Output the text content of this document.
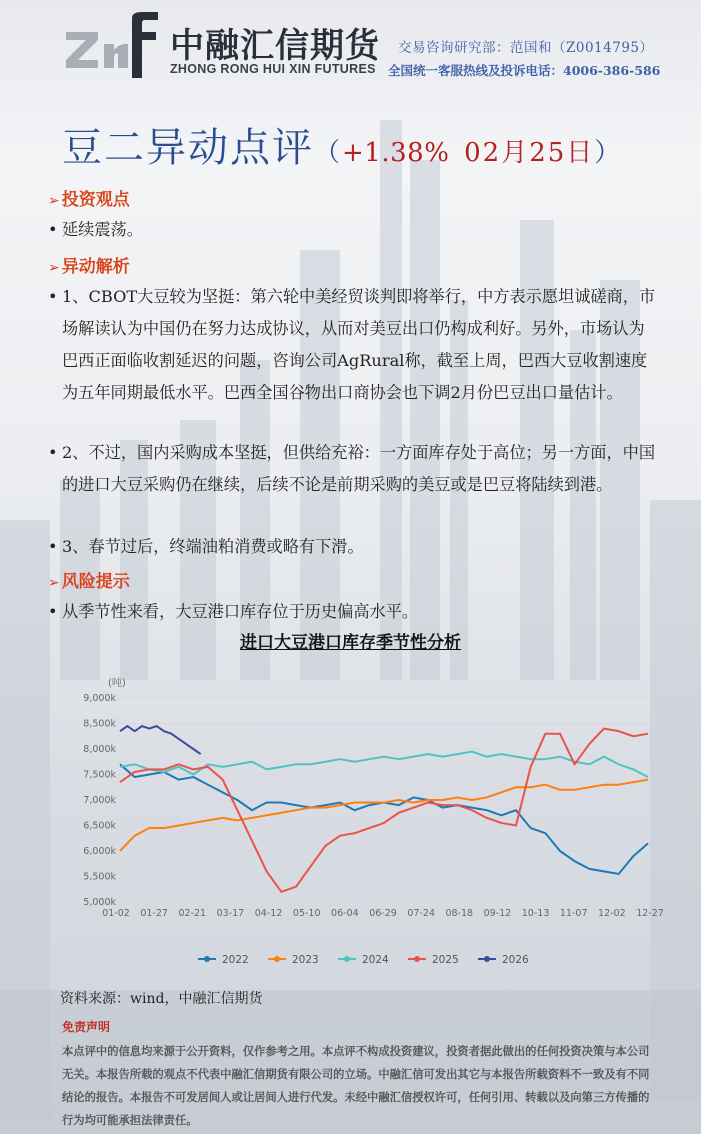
中融汇信期货
ZHONG RONG HUI XIN FUTURES
交易咨询研究部：范国和（Z0014795）
全国统一客服热线及投诉电话：4006-386-586
豆二异动点评（+1.38% 02月25日）
➢ 投资观点
• 延续震荡。
➢ 异动解析
• 1、CBOT大豆较为坚挺：第六轮中美经贸谈判即将举行，中方表示愿坦诚磋商，市场解读认为中国仍在努力达成协议，从而对美豆出口仍构成利好。另外，市场认为巴西正面临收割延迟的问题，咨询公司AgRural称，截至上周，巴西大豆收割速度为五年同期最低水平。巴西全国谷物出口商协会也下调2月份巴豆出口量估计。
• 2、不过，国内采购成本坚挺，但供给充裕：一方面库存处于高位；另一方面，中国的进口大豆采购仍在继续，后续不论是前期采购的美豆或是巴豆将陆续到港。
• 3、春节过后，终端油粕消费或略有下滑。
➢ 风险提示
• 从季节性来看，大豆港口库存位于历史偏高水平。
进口大豆港口库存季节性分析
(吨)
5,000k
5,500k
6,000k
6,500k
7,000k
7,500k
8,000k
8,500k
9,000k
01-02 01-27 02-21 03-17 04-12 05-10 06-04 06-29 07-24 08-18 09-12 10-13 11-07 12-02 12-27
2022	2023	2024	2025	2026
资料来源：wind，中融汇信期货
免责声明
本点评中的信息均来源于公开资料，仅作参考之用。本点评不构成投资建议，投资者据此做出的任何投资决策与本公司无关。本报告所载的观点不代表中融汇信期货有限公司的立场。中融汇信可发出其它与本报告所载资料不一致及有不同结论的报告。本报告不可发居间人或让居间人进行代发。未经中融汇信授权许可，任何引用、转载以及向第三方传播的行为均可能承担法律责任。
